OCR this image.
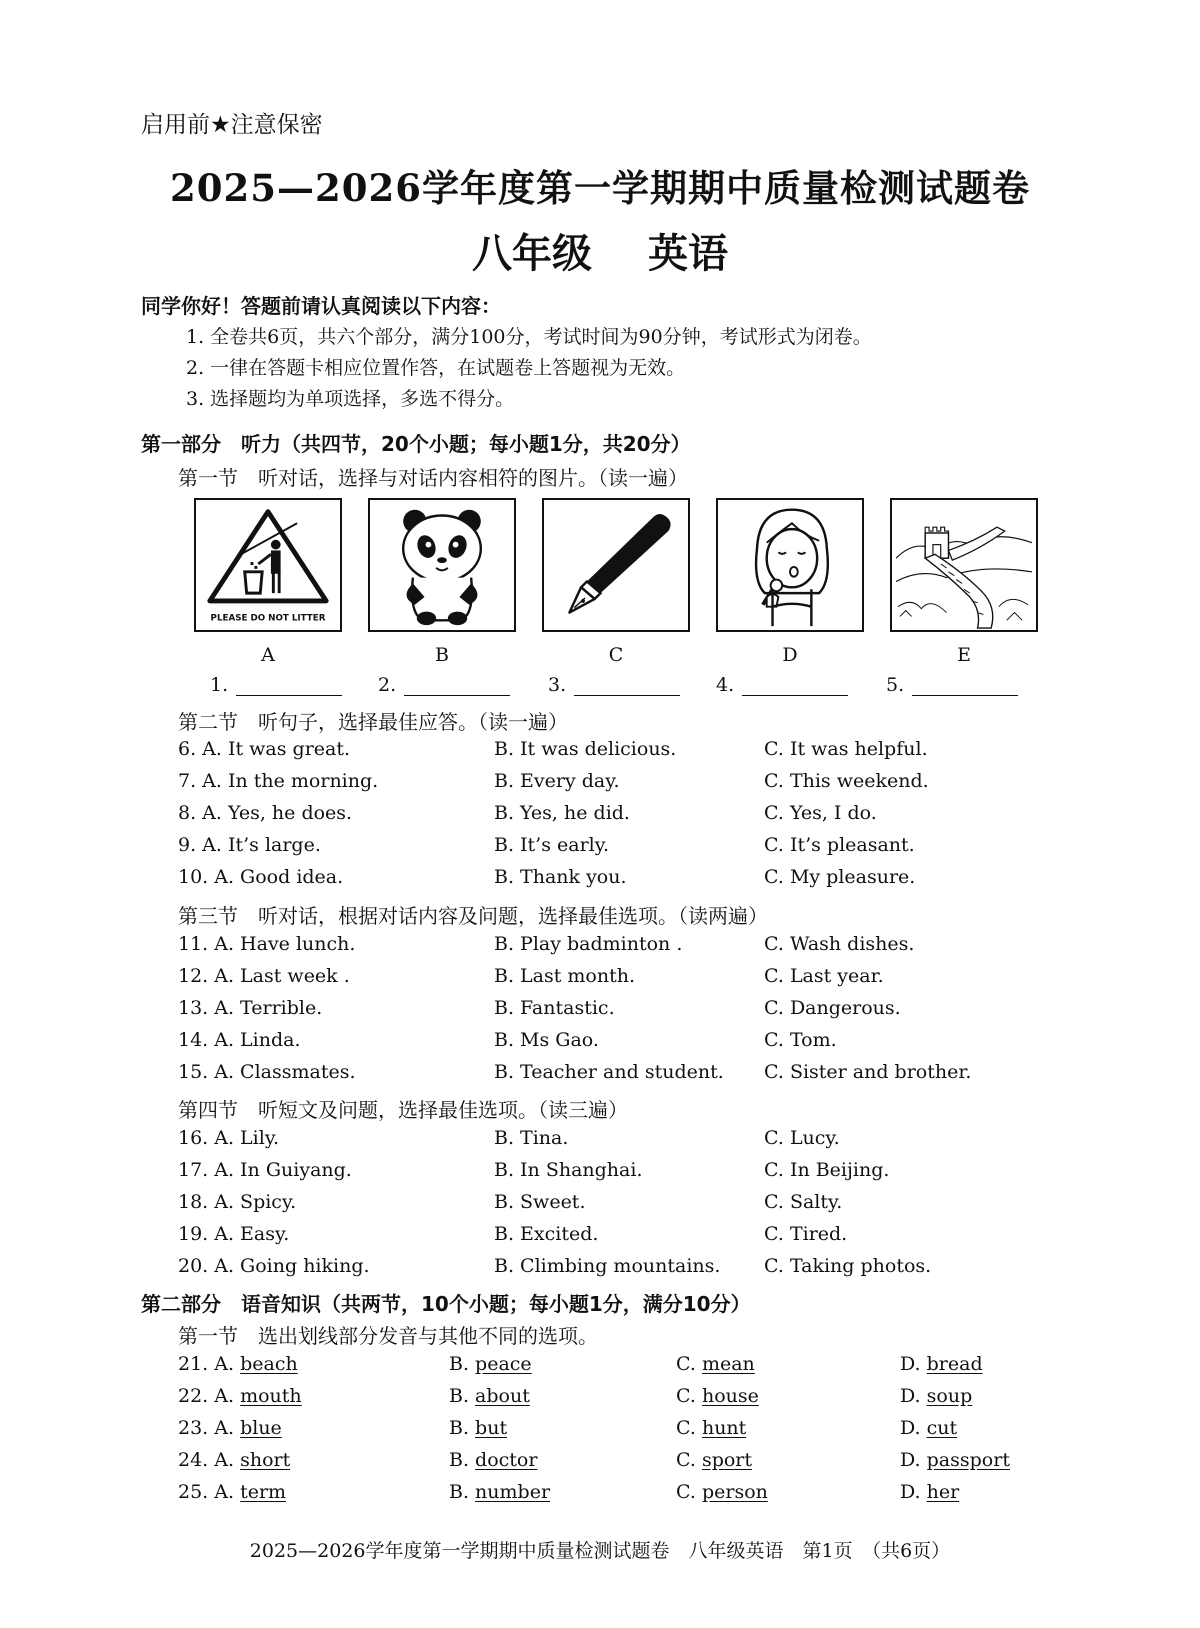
启用前★注意保密
2025—2026学年度第一学期期中质量检测试题卷
八年级 英语
同学你好！答题前请认真阅读以下内容：
1. 全卷共6页，共六个部分，满分100分，考试时间为90分钟，考试形式为闭卷。
2. 一律在答题卡相应位置作答，在试题卷上答题视为无效。
3. 选择题均为单项选择，多选不得分。
第一部分　听力（共四节，20个小题；每小题1分，共20分）
第一节　听对话，选择与对话内容相符的图片。（读一遍）
PLEASE DO NOT LITTER
A	B	C	D	E
1.	2.	3.	4.	5.
第二节　听句子，选择最佳应答。（读一遍）
6. A. It was great.	B. It was delicious.	C. It was helpful.
7. A. In the morning.	B. Every day.	C. This weekend.
8. A. Yes, he does.	B. Yes, he did.	C. Yes, I do.
9. A. It’s large.	B. It’s early.	C. It’s pleasant.
10. A. Good idea.	B. Thank you.	C. My pleasure.
第三节　听对话，根据对话内容及问题，选择最佳选项。（读两遍）
11. A. Have lunch.	B. Play badminton .	C. Wash dishes.
12. A. Last week .	B. Last month.	C. Last year.
13. A. Terrible.	B. Fantastic.	C. Dangerous.
14. A. Linda.	B. Ms Gao.	C. Tom.
15. A. Classmates.	B. Teacher and student. C. Sister and brother.
第四节　听短文及问题，选择最佳选项。（读三遍）
16. A. Lily.	B. Tina.	C. Lucy.
17. A. In Guiyang.	B. In Shanghai.	C. In Beijing.
18. A. Spicy.	B. Sweet.	C. Salty.
19. A. Easy.	B. Excited.	C. Tired.
20. A. Going hiking.	B. Climbing mountains. C. Taking photos.
第二部分　语音知识（共两节，10个小题；每小题1分，满分10分）
第一节　选出划线部分发音与其他不同的选项。
21. A. beach	B. peace	C. mean	D. bread
22. A. mouth	B. about	C. house	D. soup
23. A. blue	B. but	C. hunt	D. cut
24. A. short	B. doctor	C. sport	D. passport
25. A. term	B. number	C. person	D. her
2025—2026学年度第一学期期中质量检测试题卷　八年级英语　第1页　（共6页）
